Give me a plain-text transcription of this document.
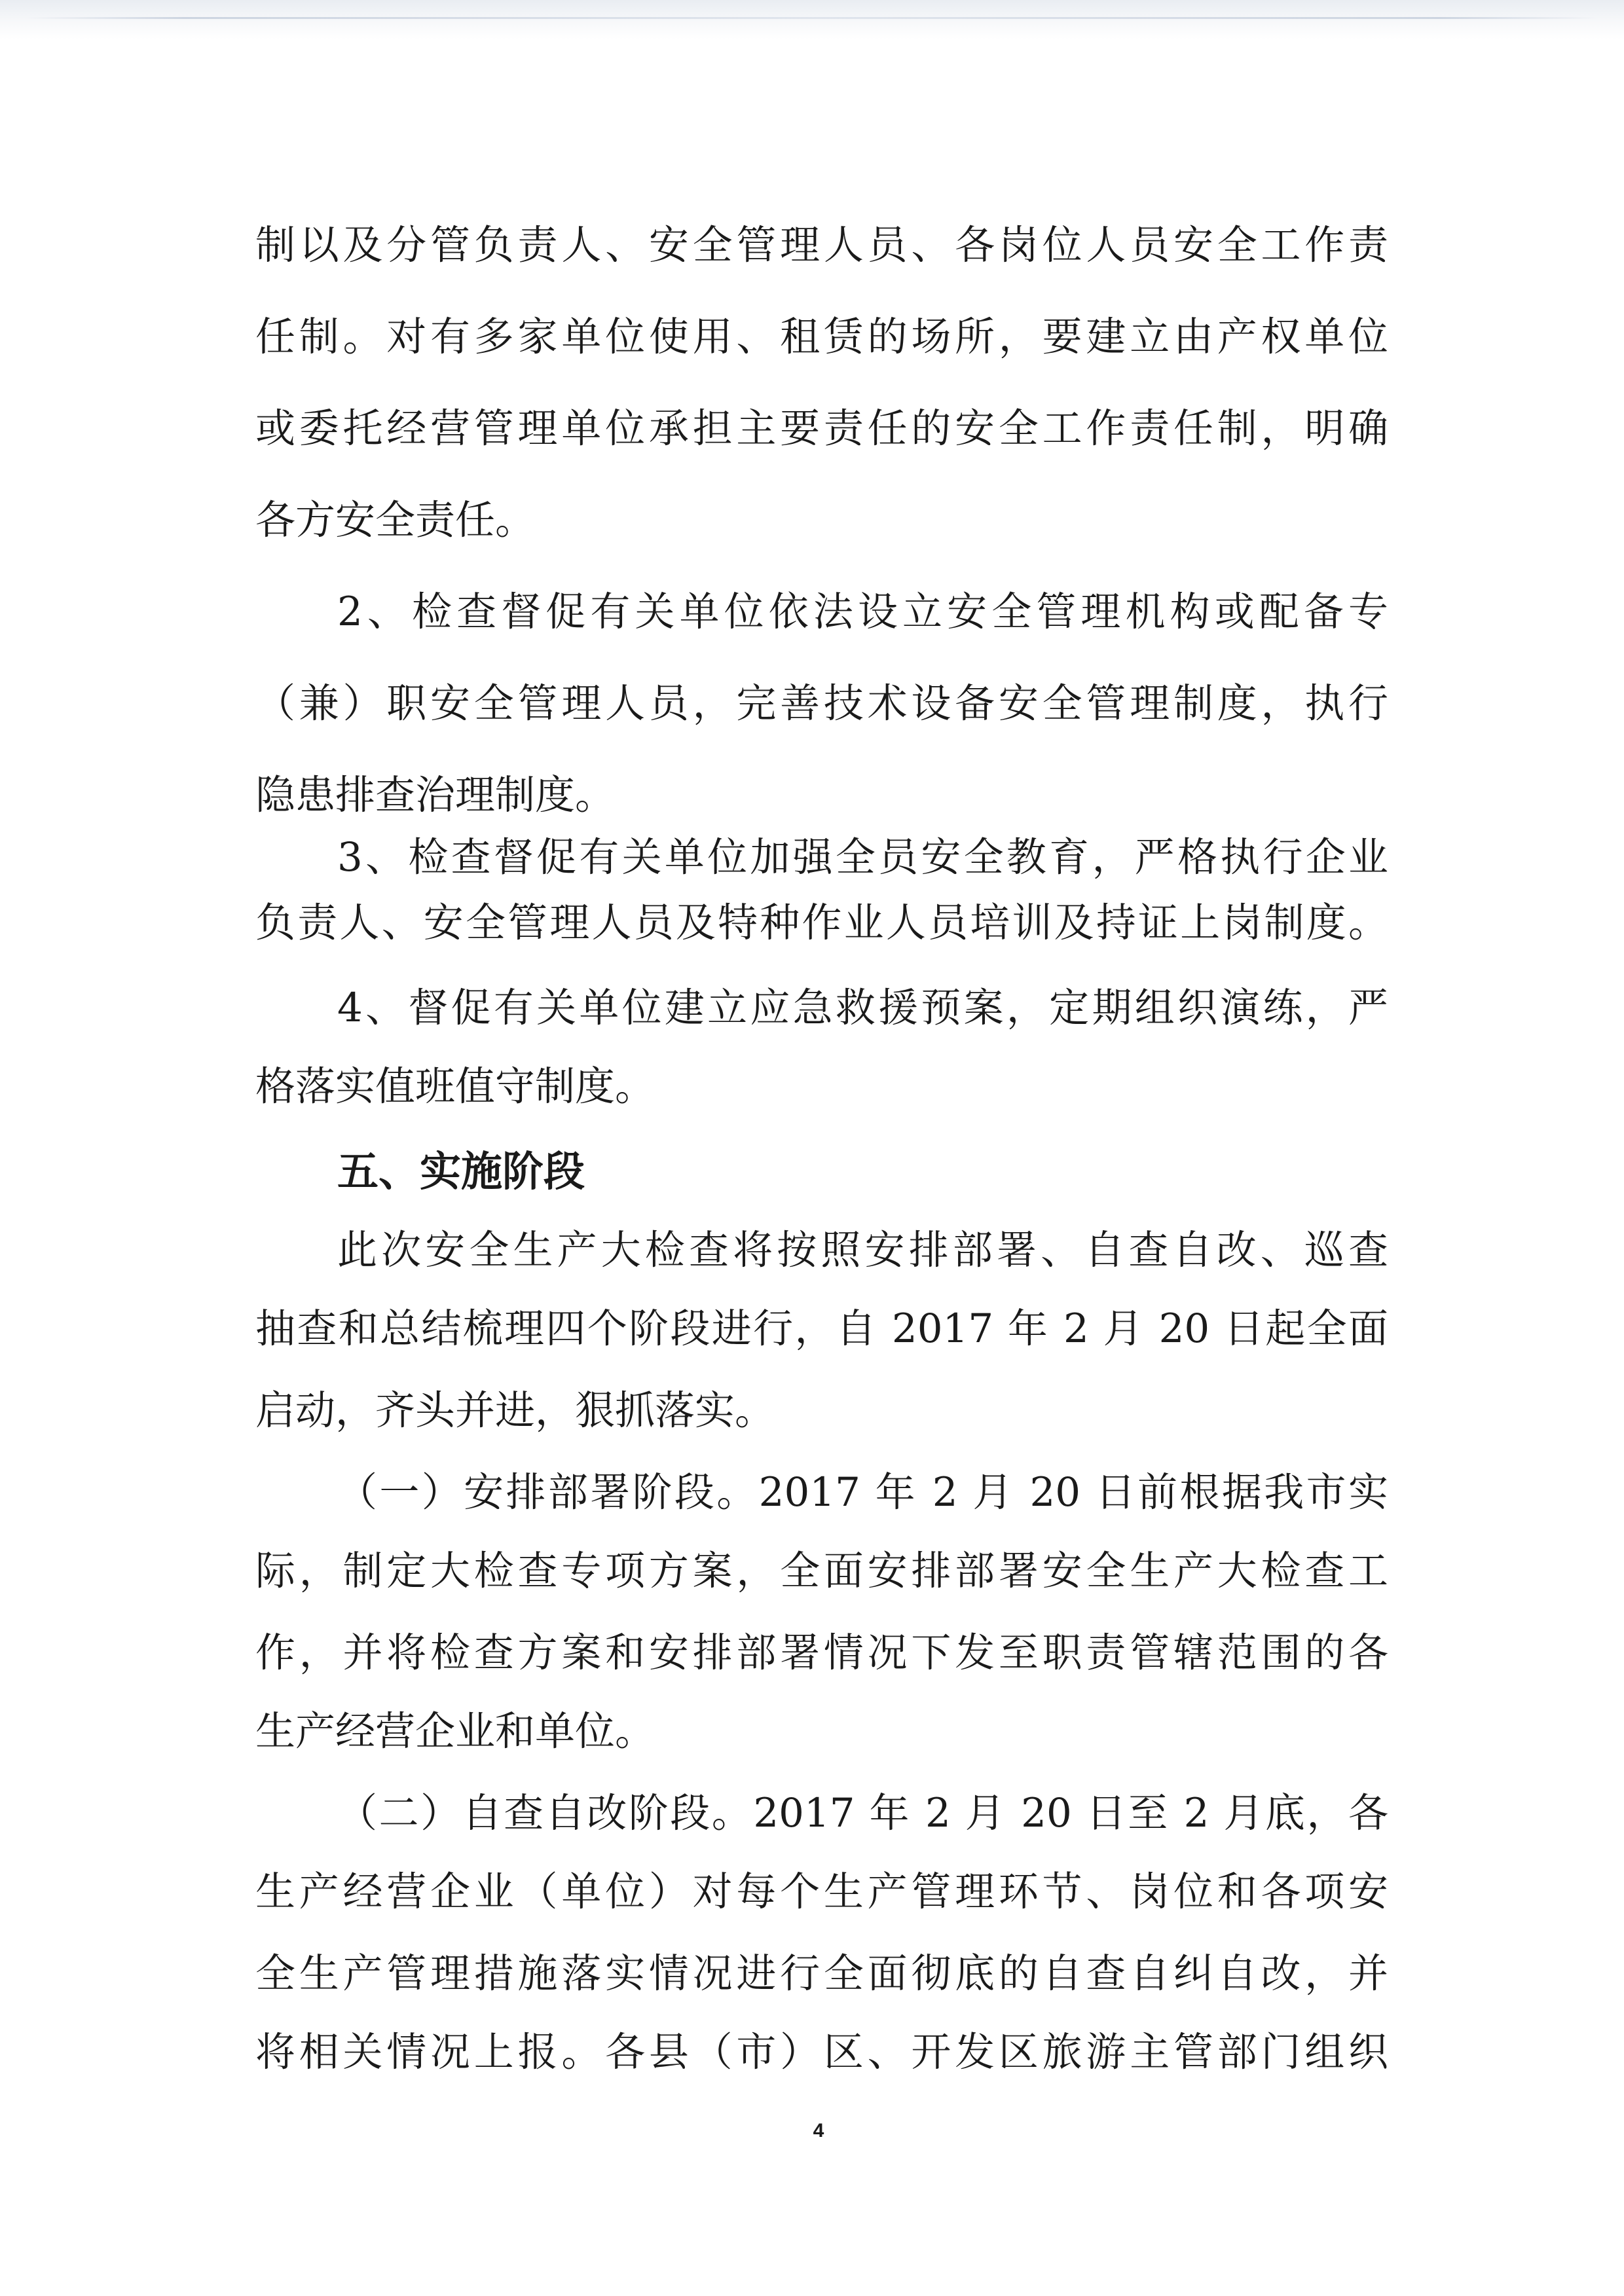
制以及分管负责人、安全管理人员、各岗位人员安全工作责
任制。对有多家单位使用、租赁的场所，要建立由产权单位
或委托经营管理单位承担主要责任的安全工作责任制，明确
各方安全责任。
2、检查督促有关单位依法设立安全管理机构或配备专
（兼）职安全管理人员，完善技术设备安全管理制度，执行
隐患排查治理制度。
3、检查督促有关单位加强全员安全教育，严格执行企业
负责人、安全管理人员及特种作业人员培训及持证上岗制度。
4、督促有关单位建立应急救援预案，定期组织演练，严
格落实值班值守制度。
五、实施阶段
此次安全生产大检查将按照安排部署、自查自改、巡查
抽查和总结梳理四个阶段进行，自 2017 年 2 月 20 日起全面
启动，齐头并进，狠抓落实。
（一）安排部署阶段。2017 年 2 月 20 日前根据我市实
际，制定大检查专项方案，全面安排部署安全生产大检查工
作，并将检查方案和安排部署情况下发至职责管辖范围的各
生产经营企业和单位。
（二）自查自改阶段。2017 年 2 月 20 日至 2 月底，各
生产经营企业（单位）对每个生产管理环节、岗位和各项安
全生产管理措施落实情况进行全面彻底的自查自纠自改，并
将相关情况上报。各县（市）区、开发区旅游主管部门组织
4
